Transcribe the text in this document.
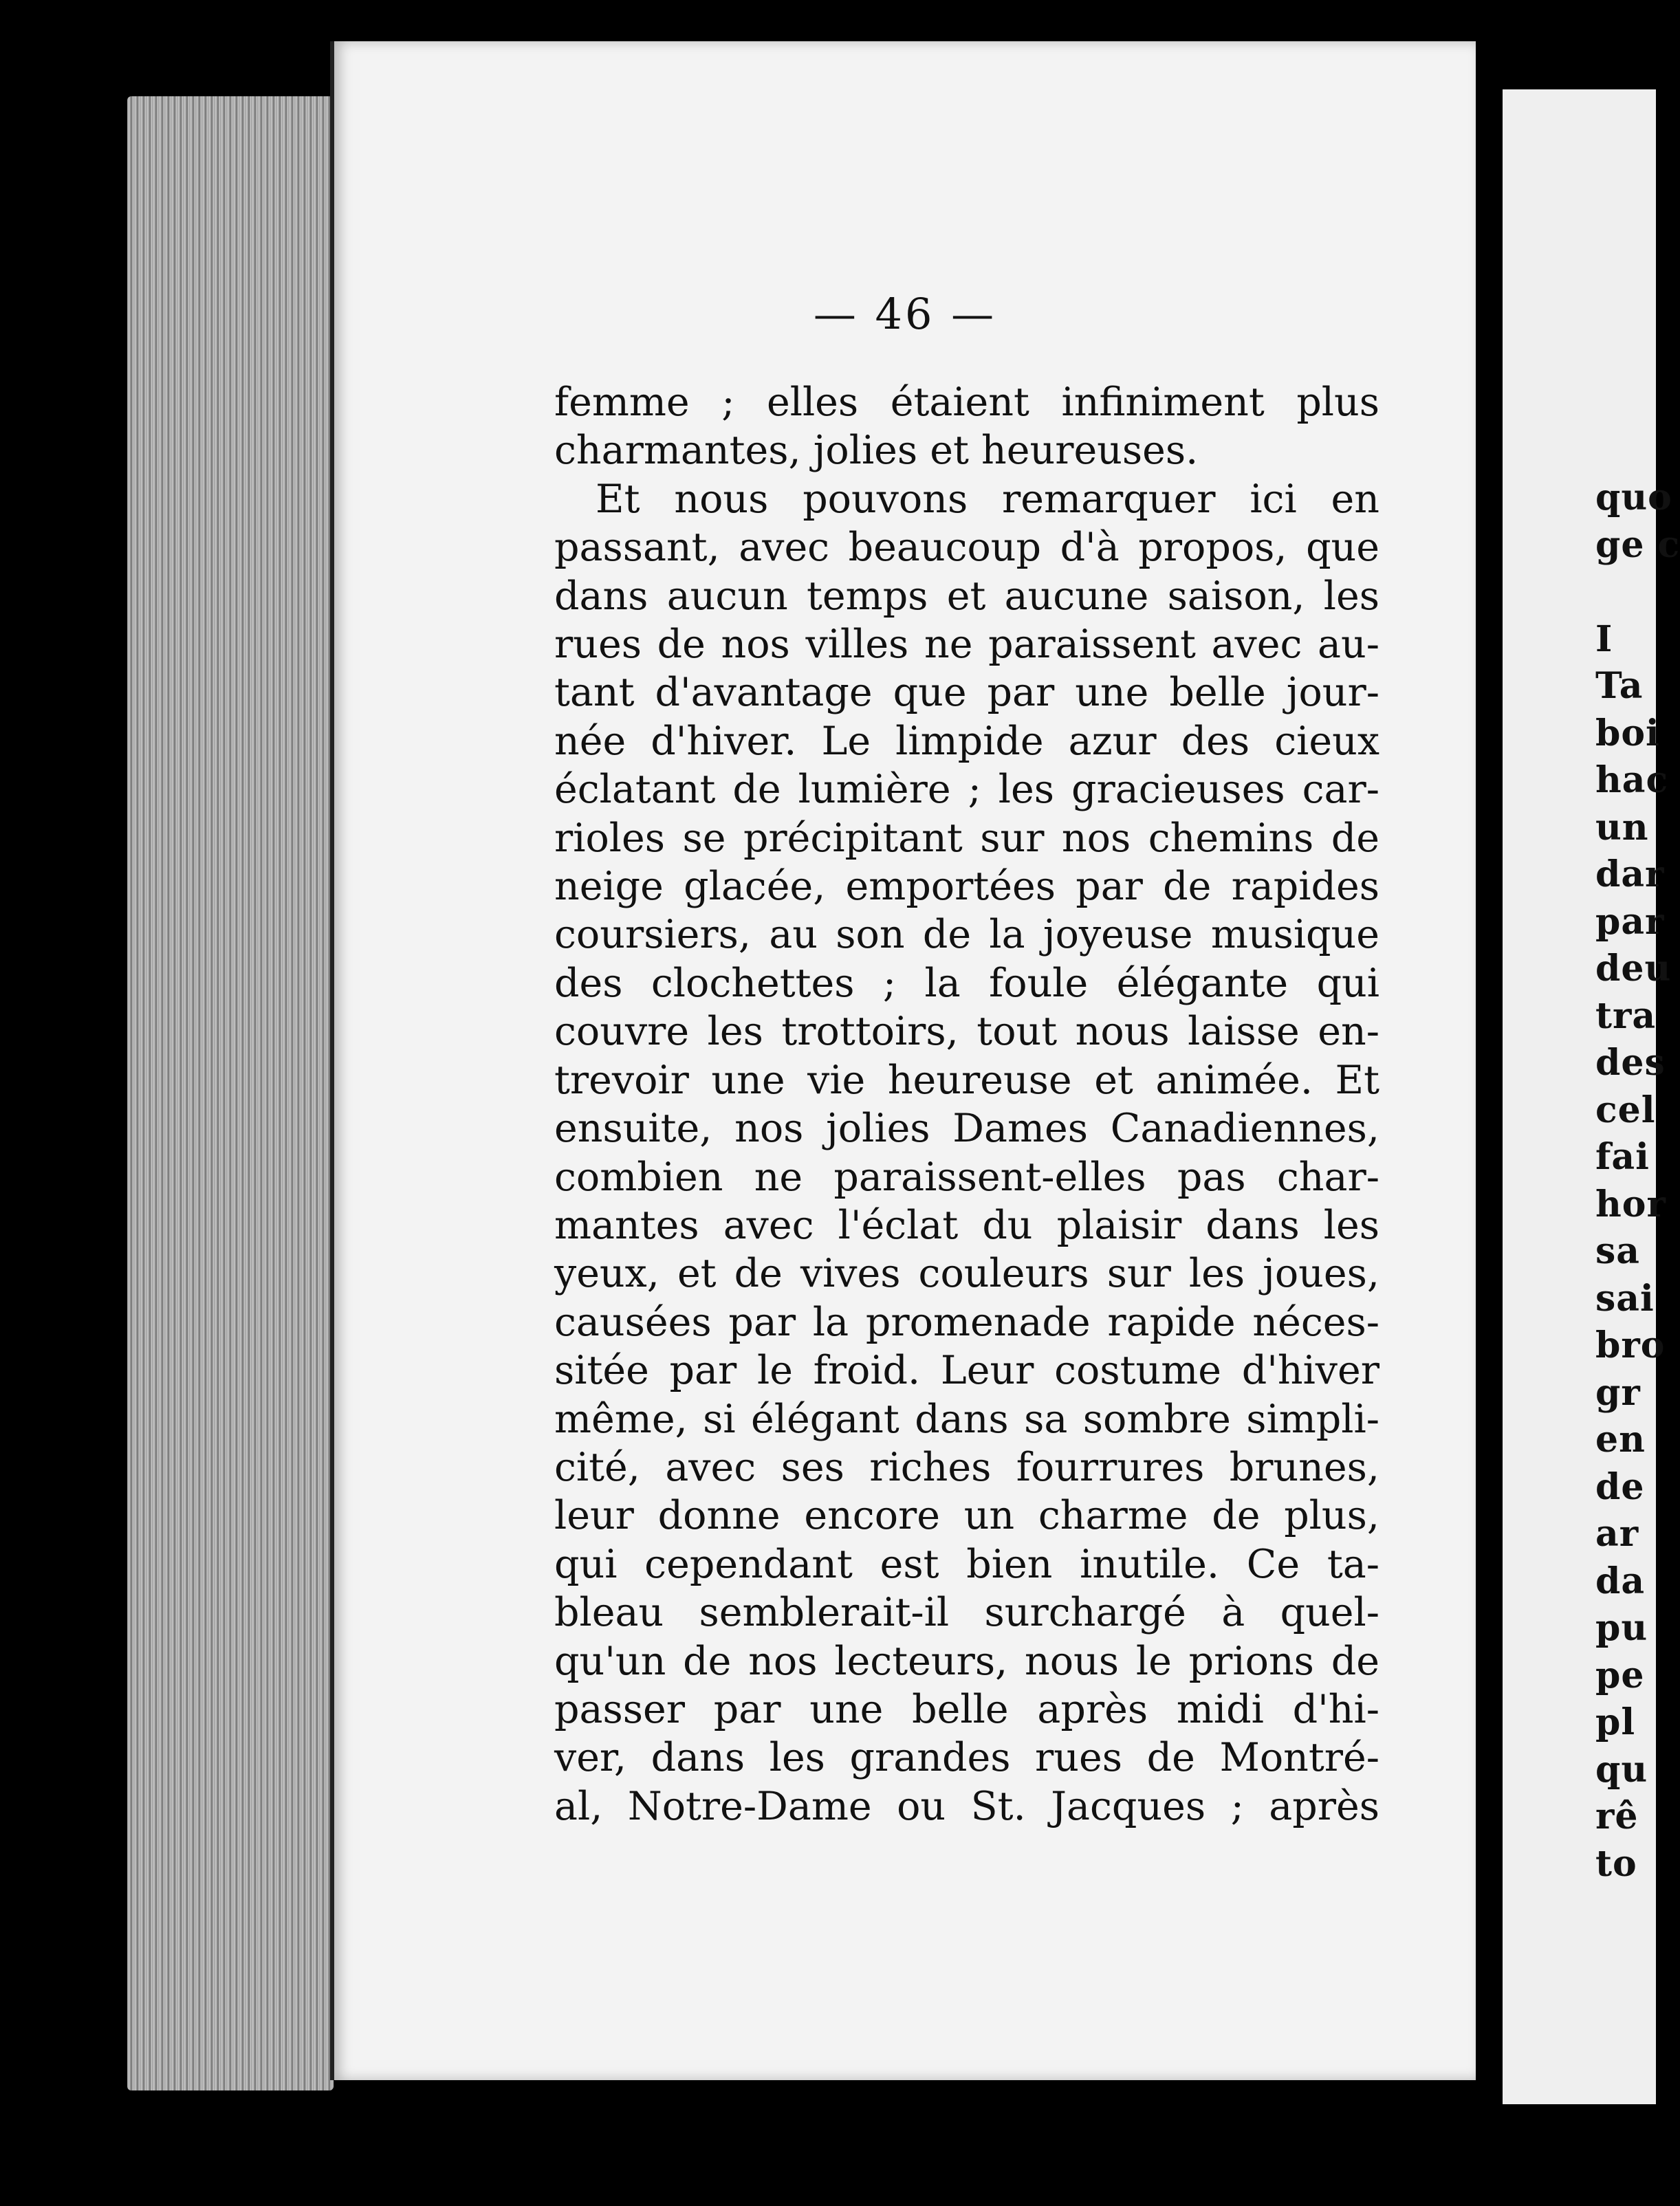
— 46 —
femme ; elles étaient infiniment plus
charmantes, jolies et heureuses.
Et nous pouvons remarquer ici en
passant, avec beaucoup d'à propos, que
dans aucun temps et aucune saison, les
rues de nos villes ne paraissent avec au-
tant d'avantage que par une belle jour-
née d'hiver. Le limpide azur des cieux
éclatant de lumière ; les gracieuses car-
rioles se précipitant sur nos chemins de
neige glacée, emportées par de rapides
coursiers, au son de la joyeuse musique
des clochettes ; la foule élégante qui
couvre les trottoirs, tout nous laisse en-
trevoir une vie heureuse et animée. Et
ensuite, nos jolies Dames Canadiennes,
combien ne paraissent-elles pas char-
mantes avec l'éclat du plaisir dans les
yeux, et de vives couleurs sur les joues,
causées par la promenade rapide néces-
sitée par le froid. Leur costume d'hiver
même, si élégant dans sa sombre simpli-
cité, avec ses riches fourrures brunes,
leur donne encore un charme de plus,
qui cependant est bien inutile. Ce ta-
bleau semblerait-il surchargé à quel-
qu'un de nos lecteurs, nous le prions de
passer par une belle après midi d'hi-
ver, dans les grandes rues de Montré-
al, Notre-Dame ou St. Jacques ; après
quo
ge c

I
Ta
boi
hac
un
dar
par
deu
tra
des
cel
fai
hor
sa
sai
bro
gr
en
de
ar
da
pu
pe
pl
qu
rê
to
